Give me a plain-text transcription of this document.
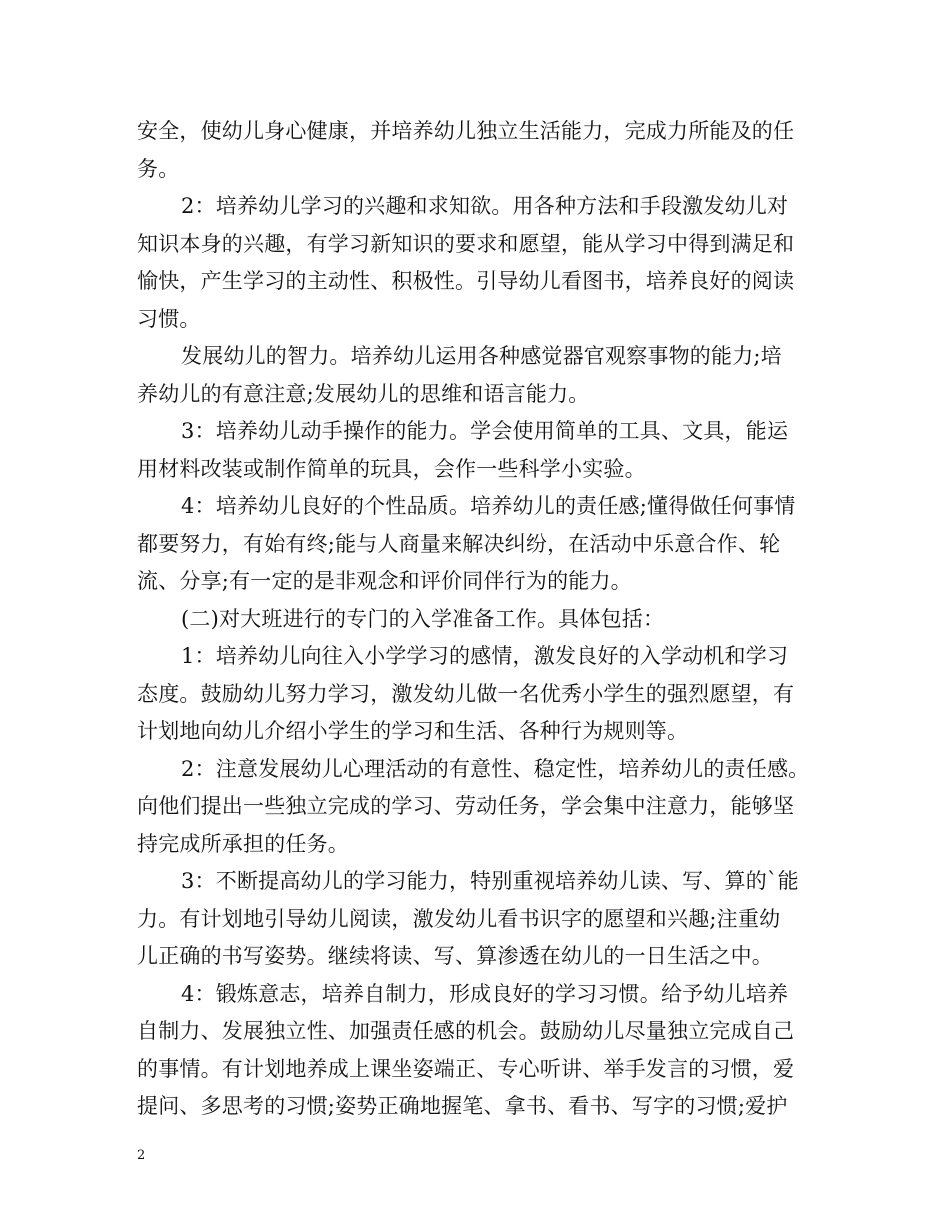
安全，使幼儿身心健康，并培养幼儿独立生活能力，完成力所能及的任
务。
2：培养幼儿学习的兴趣和求知欲。用各种方法和手段激发幼儿对
知识本身的兴趣，有学习新知识的要求和愿望，能从学习中得到满足和
愉快，产生学习的主动性、积极性。引导幼儿看图书，培养良好的阅读
习惯。
发展幼儿的智力。培养幼儿运用各种感觉器官观察事物的能力;培
养幼儿的有意注意;发展幼儿的思维和语言能力。
3：培养幼儿动手操作的能力。学会使用简单的工具、文具，能运
用材料改装或制作简单的玩具，会作一些科学小实验。
4：培养幼儿良好的个性品质。培养幼儿的责任感;懂得做任何事情
都要努力，有始有终;能与人商量来解决纠纷，在活动中乐意合作、轮
流、分享;有一定的是非观念和评价同伴行为的能力。
(二)对大班进行的专门的入学准备工作。具体包括：
1：培养幼儿向往入小学学习的感情，激发良好的入学动机和学习
态度。鼓励幼儿努力学习，激发幼儿做一名优秀小学生的强烈愿望，有
计划地向幼儿介绍小学生的学习和生活、各种行为规则等。
2：注意发展幼儿心理活动的有意性、稳定性，培养幼儿的责任感。
向他们提出一些独立完成的学习、劳动任务，学会集中注意力，能够坚
持完成所承担的任务。
3：不断提高幼儿的学习能力，特别重视培养幼儿读、写、算的`能
力。有计划地引导幼儿阅读，激发幼儿看书识字的愿望和兴趣;注重幼
儿正确的书写姿势。继续将读、写、算渗透在幼儿的一日生活之中。
4：锻炼意志，培养自制力，形成良好的学习习惯。给予幼儿培养
自制力、发展独立性、加强责任感的机会。鼓励幼儿尽量独立完成自己
的事情。有计划地养成上课坐姿端正、专心听讲、举手发言的习惯，爱
提问、多思考的习惯;姿势正确地握笔、拿书、看书、写字的习惯;爱护
2
